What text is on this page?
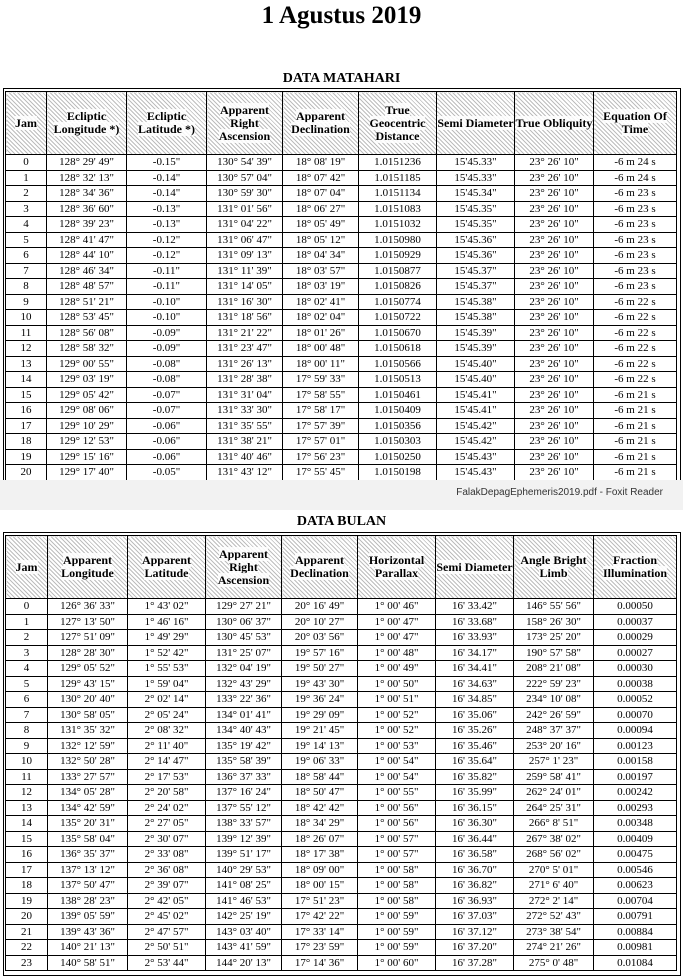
1 Agustus 2019
DATA MATAHARI
Jam	Ecliptic Longitude *)	Ecliptic Latitude *)	Apparent Right Ascension	Apparent Declination	True Geocentric Distance	Semi Diameter	True Obliquity	Equation Of Time
0	128° 29' 49"	-0.15"	130° 54' 39"	18° 08' 19"	1.0151236	15'45.33"	23° 26' 10"	-6 m 24 s
1	128° 32' 13"	-0.14"	130° 57' 04"	18° 07' 42"	1.0151185	15'45.33"	23° 26' 10"	-6 m 24 s
2	128° 34' 36"	-0.14"	130° 59' 30"	18° 07' 04"	1.0151134	15'45.34"	23° 26' 10"	-6 m 23 s
3	128° 36' 60"	-0.13"	131° 01' 56"	18° 06' 27"	1.0151083	15'45.35"	23° 26' 10"	-6 m 23 s
4	128° 39' 23"	-0.13"	131° 04' 22"	18° 05' 49"	1.0151032	15'45.35"	23° 26' 10"	-6 m 23 s
5	128° 41' 47"	-0.12"	131° 06' 47"	18° 05' 12"	1.0150980	15'45.36"	23° 26' 10"	-6 m 23 s
6	128° 44' 10"	-0.12"	131° 09' 13"	18° 04' 34"	1.0150929	15'45.36"	23° 26' 10"	-6 m 23 s
7	128° 46' 34"	-0.11"	131° 11' 39"	18° 03' 57"	1.0150877	15'45.37"	23° 26' 10"	-6 m 23 s
8	128° 48' 57"	-0.11"	131° 14' 05"	18° 03' 19"	1.0150826	15'45.37"	23° 26' 10"	-6 m 23 s
9	128° 51' 21"	-0.10"	131° 16' 30"	18° 02' 41"	1.0150774	15'45.38"	23° 26' 10"	-6 m 22 s
10	128° 53' 45"	-0.10"	131° 18' 56"	18° 02' 04"	1.0150722	15'45.38"	23° 26' 10"	-6 m 22 s
11	128° 56' 08"	-0.09"	131° 21' 22"	18° 01' 26"	1.0150670	15'45.39"	23° 26' 10"	-6 m 22 s
12	128° 58' 32"	-0.09"	131° 23' 47"	18° 00' 48"	1.0150618	15'45.39"	23° 26' 10"	-6 m 22 s
13	129° 00' 55"	-0.08"	131° 26' 13"	18° 00' 11"	1.0150566	15'45.40"	23° 26' 10"	-6 m 22 s
14	129° 03' 19"	-0.08"	131° 28' 38"	17° 59' 33"	1.0150513	15'45.40"	23° 26' 10"	-6 m 22 s
15	129° 05' 42"	-0.07"	131° 31' 04"	17° 58' 55"	1.0150461	15'45.41"	23° 26' 10"	-6 m 21 s
16	129° 08' 06"	-0.07"	131° 33' 30"	17° 58' 17"	1.0150409	15'45.41"	23° 26' 10"	-6 m 21 s
17	129° 10' 29"	-0.06"	131° 35' 55"	17° 57' 39"	1.0150356	15'45.42"	23° 26' 10"	-6 m 21 s
18	129° 12' 53"	-0.06"	131° 38' 21"	17° 57' 01"	1.0150303	15'45.42"	23° 26' 10"	-6 m 21 s
19	129° 15' 16"	-0.06"	131° 40' 46"	17° 56' 23"	1.0150250	15'45.43"	23° 26' 10"	-6 m 21 s
20	129° 17' 40"	-0.05"	131° 43' 12"	17° 55' 45"	1.0150198	15'45.43"	23° 26' 10"	-6 m 21 s
FalakDepagEphemeris2019.pdf - Foxit Reader
DATA BULAN
Jam	Apparent Longitude	Apparent Latitude	Apparent Right Ascension	Apparent Declination	Horizontal Parallax	Semi Diameter	Angle Bright Limb	Fraction Illumination
0	126° 36' 33"	1° 43' 02"	129° 27' 21"	20° 16' 49"	1° 00' 46"	16' 33.42"	146° 55' 56"	0.00050
1	127° 13' 50"	1° 46' 16"	130° 06' 37"	20° 10' 27"	1° 00' 47"	16' 33.68"	158° 26' 30"	0.00037
2	127° 51' 09"	1° 49' 29"	130° 45' 53"	20° 03' 56"	1° 00' 47"	16' 33.93"	173° 25' 20"	0.00029
3	128° 28' 30"	1° 52' 42"	131° 25' 07"	19° 57' 16"	1° 00' 48"	16' 34.17"	190° 57' 58"	0.00027
4	129° 05' 52"	1° 55' 53"	132° 04' 19"	19° 50' 27"	1° 00' 49"	16' 34.41"	208° 21' 08"	0.00030
5	129° 43' 15"	1° 59' 04"	132° 43' 29"	19° 43' 30"	1° 00' 50"	16' 34.63"	222° 59' 23"	0.00038
6	130° 20' 40"	2° 02' 14"	133° 22' 36"	19° 36' 24"	1° 00' 51"	16' 34.85"	234° 10' 08"	0.00052
7	130° 58' 05"	2° 05' 24"	134° 01' 41"	19° 29' 09"	1° 00' 52"	16' 35.06"	242° 26' 59"	0.00070
8	131° 35' 32"	2° 08' 32"	134° 40' 43"	19° 21' 45"	1° 00' 52"	16' 35.26"	248° 37' 37"	0.00094
9	132° 12' 59"	2° 11' 40"	135° 19' 42"	19° 14' 13"	1° 00' 53"	16' 35.46"	253° 20' 16"	0.00123
10	132° 50' 28"	2° 14' 47"	135° 58' 39"	19° 06' 33"	1° 00' 54"	16' 35.64"	257° 1' 23"	0.00158
11	133° 27' 57"	2° 17' 53"	136° 37' 33"	18° 58' 44"	1° 00' 54"	16' 35.82"	259° 58' 41"	0.00197
12	134° 05' 28"	2° 20' 58"	137° 16' 24"	18° 50' 47"	1° 00' 55"	16' 35.99"	262° 24' 01"	0.00242
13	134° 42' 59"	2° 24' 02"	137° 55' 12"	18° 42' 42"	1° 00' 56"	16' 36.15"	264° 25' 31"	0.00293
14	135° 20' 31"	2° 27' 05"	138° 33' 57"	18° 34' 29"	1° 00' 56"	16' 36.30"	266° 8' 51"	0.00348
15	135° 58' 04"	2° 30' 07"	139° 12' 39"	18° 26' 07"	1° 00' 57"	16' 36.44"	267° 38' 02"	0.00409
16	136° 35' 37"	2° 33' 08"	139° 51' 17"	18° 17' 38"	1° 00' 57"	16' 36.58"	268° 56' 02"	0.00475
17	137° 13' 12"	2° 36' 08"	140° 29' 53"	18° 09' 00"	1° 00' 58"	16' 36.70"	270° 5' 01"	0.00546
18	137° 50' 47"	2° 39' 07"	141° 08' 25"	18° 00' 15"	1° 00' 58"	16' 36.82"	271° 6' 40"	0.00623
19	138° 28' 23"	2° 42' 05"	141° 46' 53"	17° 51' 23"	1° 00' 58"	16' 36.93"	272° 2' 14"	0.00704
20	139° 05' 59"	2° 45' 02"	142° 25' 19"	17° 42' 22"	1° 00' 59"	16' 37.03"	272° 52' 43"	0.00791
21	139° 43' 36"	2° 47' 57"	143° 03' 40"	17° 33' 14"	1° 00' 59"	16' 37.12"	273° 38' 54"	0.00884
22	140° 21' 13"	2° 50' 51"	143° 41' 59"	17° 23' 59"	1° 00' 59"	16' 37.20"	274° 21' 26"	0.00981
23	140° 58' 51"	2° 53' 44"	144° 20' 13"	17° 14' 36"	1° 00' 60"	16' 37.28"	275° 0' 48"	0.01084
